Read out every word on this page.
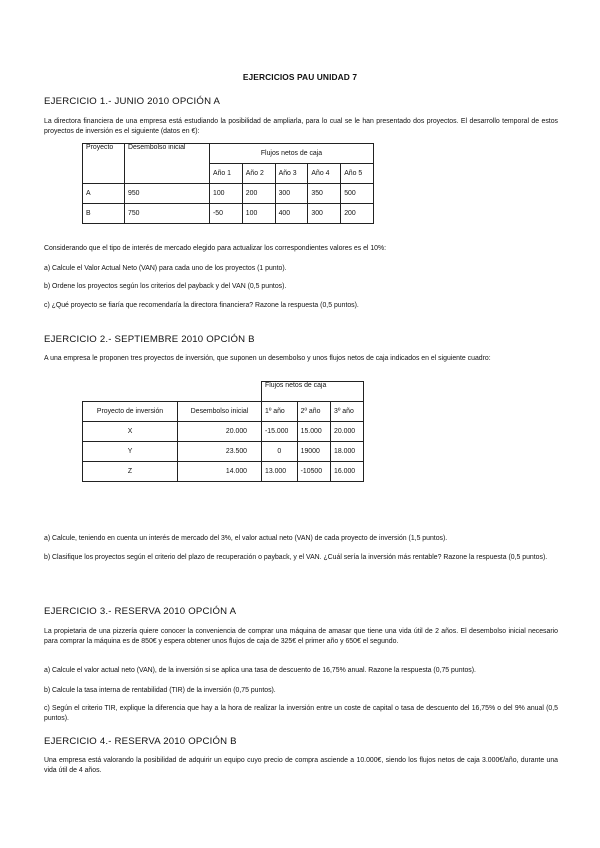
EJERCICIOS PAU UNIDAD 7
EJERCICIO 1.- JUNIO 2010 OPCIÓN A
La directora financiera de una empresa está estudiando la posibilidad de ampliarla, para lo cual se le han presentado dos proyectos. El desarrollo temporal de estos proyectos de inversión es el siguiente (datos en €):
Proyecto	Desembolso inicial	Flujos netos de caja				
		Año 1	Año 2	Año 3	Año 4	Año 5
A	950	100	200	300	350	500
B	750	-50	100	400	300	200
Considerando que el tipo de interés de mercado elegido para actualizar los correspondientes valores es el 10%:
a) Calcule el Valor Actual Neto (VAN) para cada uno de los proyectos (1 punto).
b) Ordene los proyectos según los criterios del payback y del VAN (0,5 puntos).
c) ¿Qué proyecto se fiaría que recomendaría la directora financiera? Razone la respuesta (0,5 puntos).
EJERCICIO 2.- SEPTIEMBRE 2010 OPCIÓN B
A una empresa le proponen tres proyectos de inversión, que suponen un desembolso y unos flujos netos de caja indicados en el siguiente cuadro:
		Flujos netos de caja		
Proyecto de inversión	Desembolso inicial	1º año	2º año	3º año
X	20.000	-15.000	15.000	20.000
Y	23.500	0	19000	18.000
Z	14.000	13.000	-10500	16.000
a) Calcule, teniendo en cuenta un interés de mercado del 3%, el valor actual neto (VAN) de cada proyecto de inversión (1,5 puntos).
b) Clasifique los proyectos según el criterio del plazo de recuperación o payback, y el VAN. ¿Cuál sería la inversión más rentable? Razone la respuesta (0,5 puntos).
EJERCICIO 3.- RESERVA 2010 OPCIÓN A
La propietaria de una pizzería quiere conocer la conveniencia de comprar una máquina de amasar que tiene una vida útil de 2 años. El desembolso inicial necesario para comprar la máquina es de 850€ y espera obtener unos flujos de caja de 325€ el primer año y 650€ el segundo.
a) Calcule el valor actual neto (VAN), de la inversión si se aplica una tasa de descuento de 16,75% anual. Razone la respuesta (0,75 puntos).
b) Calcule la tasa interna de rentabilidad (TIR) de la inversión (0,75 puntos).
c) Según el criterio TIR, explique la diferencia que hay a la hora de realizar la inversión entre un coste de capital o tasa de descuento del 16,75% o del 9% anual (0,5 puntos).
EJERCICIO 4.- RESERVA 2010 OPCIÓN B
Una empresa está valorando la posibilidad de adquirir un equipo cuyo precio de compra asciende a 10.000€, siendo los flujos netos de caja 3.000€/año, durante una vida útil de 4 años.
